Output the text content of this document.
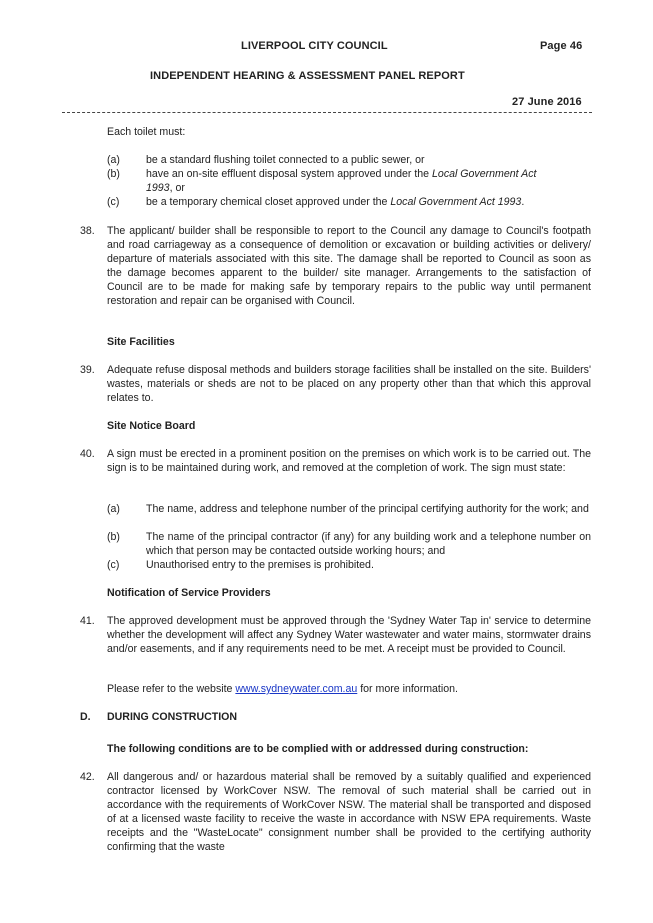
LIVERPOOL CITY COUNCIL	Page 46
INDEPENDENT HEARING & ASSESSMENT PANEL REPORT
27 June 2016
Each toilet must:
(a)	be a standard flushing toilet connected to a public sewer, or
(b)	have an on-site effluent disposal system approved under the Local Government Act 1993, or
(c)	be a temporary chemical closet approved under the Local Government Act 1993.
38.	The applicant/ builder shall be responsible to report to the Council any damage to Council's footpath and road carriageway as a consequence of demolition or excavation or building activities or delivery/ departure of materials associated with this site. The damage shall be reported to Council as soon as the damage becomes apparent to the builder/ site manager. Arrangements to the satisfaction of Council are to be made for making safe by temporary repairs to the public way until permanent restoration and repair can be organised with Council.
Site Facilities
39.	Adequate refuse disposal methods and builders storage facilities shall be installed on the site. Builders' wastes, materials or sheds are not to be placed on any property other than that which this approval relates to.
Site Notice Board
40.	A sign must be erected in a prominent position on the premises on which work is to be carried out. The sign is to be maintained during work, and removed at the completion of work. The sign must state:
(a)	The name, address and telephone number of the principal certifying authority for the work; and
(b)	The name of the principal contractor (if any) for any building work and a telephone number on which that person may be contacted outside working hours; and
(c)	Unauthorised entry to the premises is prohibited.
Notification of Service Providers
41.	The approved development must be approved through the 'Sydney Water Tap in' service to determine whether the development will affect any Sydney Water wastewater and water mains, stormwater drains and/or easements, and if any requirements need to be met. A receipt must be provided to Council.
Please refer to the website www.sydneywater.com.au for more information.
D. DURING CONSTRUCTION
The following conditions are to be complied with or addressed during construction:
42.	All dangerous and/ or hazardous material shall be removed by a suitably qualified and experienced contractor licensed by WorkCover NSW. The removal of such material shall be carried out in accordance with the requirements of WorkCover NSW. The material shall be transported and disposed of at a licensed waste facility to receive the waste in accordance with NSW EPA requirements. Waste receipts and the "WasteLocate" consignment number shall be provided to the certifying authority confirming that the waste
